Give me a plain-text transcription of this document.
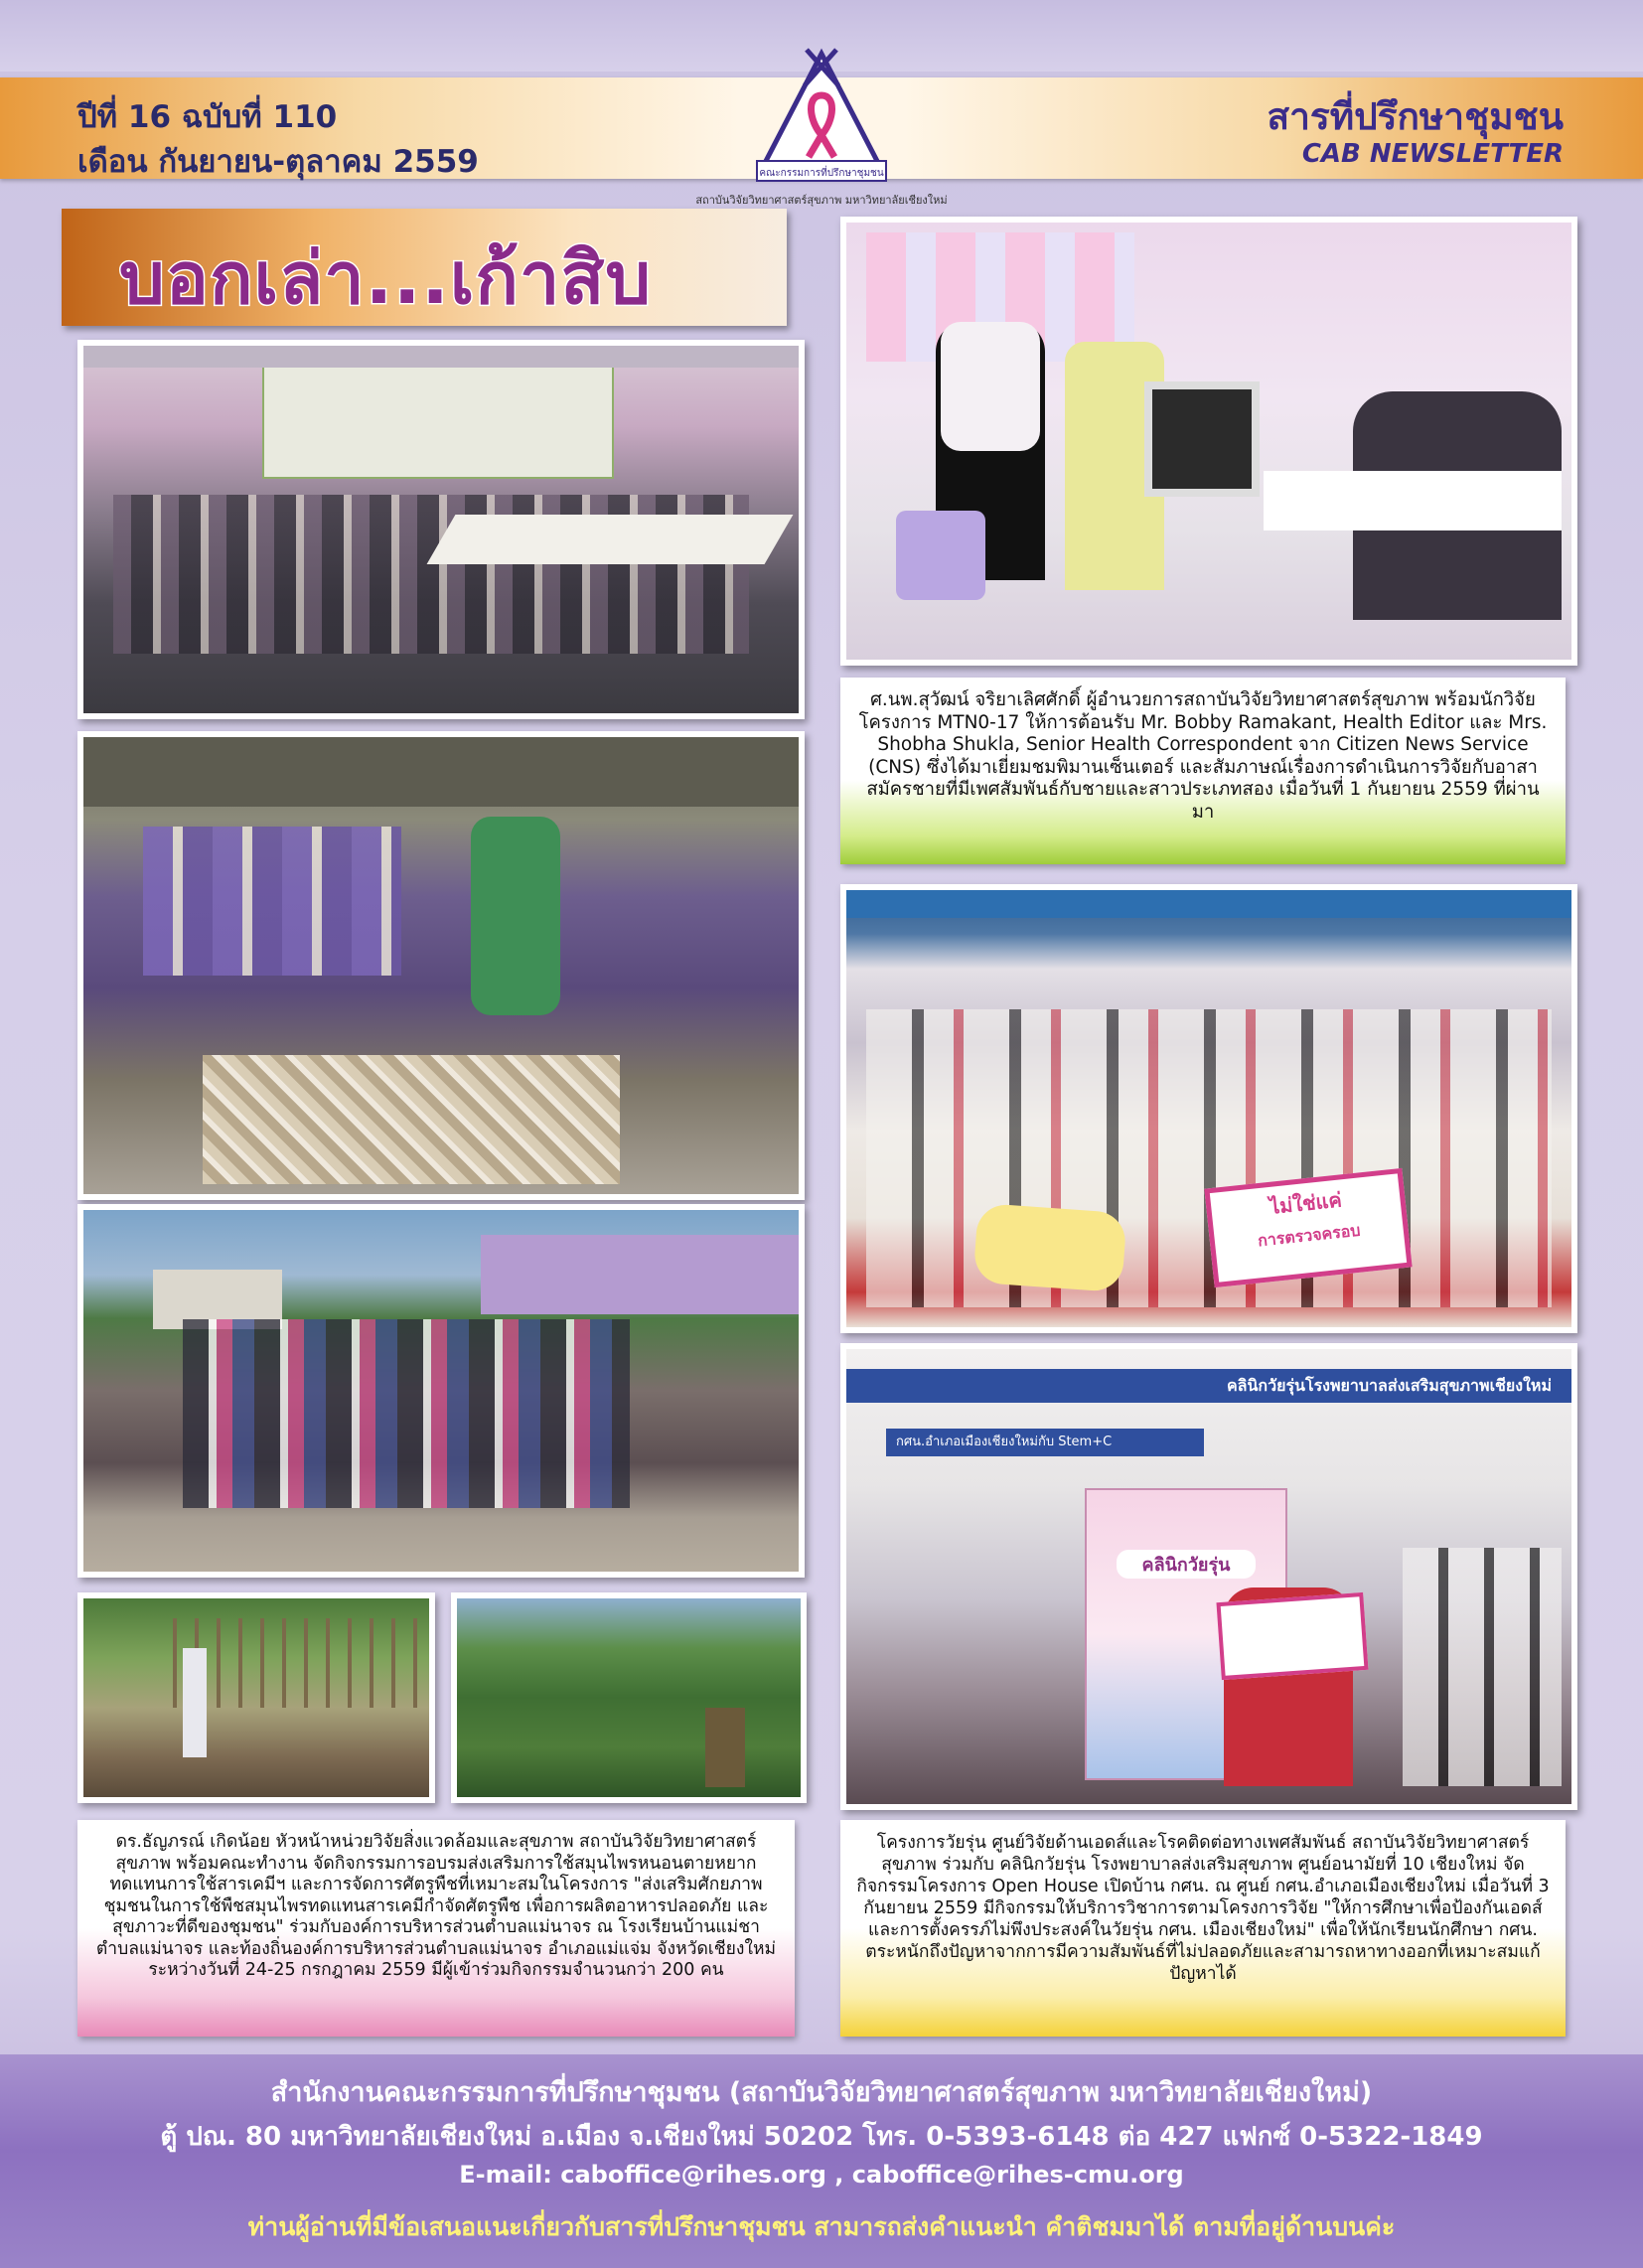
ปีที่ 16 ฉบับที่ 110
เดือน กันยายน-ตุลาคม 2559
สารที่ปรึกษาชุมชน
CAB NEWSLETTER
คณะกรรมการที่ปรึกษาชุมชน
สถาบันวิจัยวิทยาศาสตร์สุขภาพ มหาวิทยาลัยเชียงใหม่
บอกเล่า...เก้าสิบ

ดร.ธัญภรณ์ เกิดน้อย หัวหน้าหน่วยวิจัยสิ่งแวดล้อมและสุขภาพ สถาบันวิจัยวิทยาศาสตร์สุขภาพ พร้อมคณะทำงาน จัดกิจกรรมการอบรมส่งเสริมการใช้สมุนไพรหนอนตายหยากทดแทนการใช้สารเคมีฯ และการจัดการศัตรูพืชที่เหมาะสมในโครงการ "ส่งเสริมศักยภาพชุมชนในการใช้พืชสมุนไพรทดแทนสารเคมีกำจัดศัตรูพืช เพื่อการผลิตอาหารปลอดภัย และสุขภาวะที่ดีของชุมชน" ร่วมกับองค์การบริหารส่วนตำบลแม่นาจร ณ โรงเรียนบ้านแม่ชาตำบลแม่นาจร และท้องถิ่นองค์การบริหารส่วนตำบลแม่นาจร อำเภอแม่แจ่ม จังหวัดเชียงใหม่ ระหว่างวันที่ 24-25 กรกฎาคม 2559 มีผู้เข้าร่วมกิจกรรมจำนวนกว่า 200 คน

ศ.นพ.สุวัฒน์ จริยาเลิศศักดิ์ ผู้อำนวยการสถาบันวิจัยวิทยาศาสตร์สุขภาพ พร้อมนักวิจัยโครงการ MTN0-17 ให้การต้อนรับ Mr. Bobby Ramakant, Health Editor และ Mrs. Shobha Shukla, Senior Health Correspondent จาก Citizen News Service (CNS) ซึ่งได้มาเยี่ยมชมพิมานเซ็นเตอร์ และสัมภาษณ์เรื่องการดำเนินการวิจัยกับอาสาสมัครชายที่มีเพศสัมพันธ์กับชายและสาวประเภทสอง เมื่อวันที่ 1 กันยายน 2559 ที่ผ่านมา

ไม่ใช่แค่
การตรวจครอบ
คลินิกวัยรุ่นโรงพยาบาลส่งเสริมสุขภาพเชียงใหม่
กศน.อำเภอเมืองเชียงใหม่กับ Stem+C
คลินิกวัยรุ่น

โครงการวัยรุ่น ศูนย์วิจัยด้านเอดส์และโรคติดต่อทางเพศสัมพันธ์ สถาบันวิจัยวิทยาศาสตร์สุขภาพ ร่วมกับ คลินิกวัยรุ่น โรงพยาบาลส่งเสริมสุขภาพ ศูนย์อนามัยที่ 10 เชียงใหม่ จัดกิจกรรมโครงการ Open House เปิดบ้าน กศน. ณ ศูนย์ กศน.อำเภอเมืองเชียงใหม่ เมื่อวันที่ 3 กันยายน 2559 มีกิจกรรมให้บริการวิชาการตามโครงการวิจัย "ให้การศึกษาเพื่อป้องกันเอดส์และการตั้งครรภ์ไม่พึงประสงค์ในวัยรุ่น กศน. เมืองเชียงใหม่" เพื่อให้นักเรียนนักศึกษา กศน. ตระหนักถึงปัญหาจากการมีความสัมพันธ์ที่ไม่ปลอดภัยและสามารถหาทางออกที่เหมาะสมแก้ปัญหาได้

สำนักงานคณะกรรมการที่ปรึกษาชุมชน (สถาบันวิจัยวิทยาศาสตร์สุขภาพ มหาวิทยาลัยเชียงใหม่)
ตู้ ปณ. 80 มหาวิทยาลัยเชียงใหม่ อ.เมือง จ.เชียงใหม่ 50202 โทร. 0-5393-6148 ต่อ 427 แฟกซ์ 0-5322-1849
E-mail: caboffice@rihes.org , caboffice@rihes-cmu.org
ท่านผู้อ่านที่มีข้อเสนอแนะเกี่ยวกับสารที่ปรึกษาชุมชน สามารถส่งคำแนะนำ คำติชมมาได้ ตามที่อยู่ด้านบนค่ะ
